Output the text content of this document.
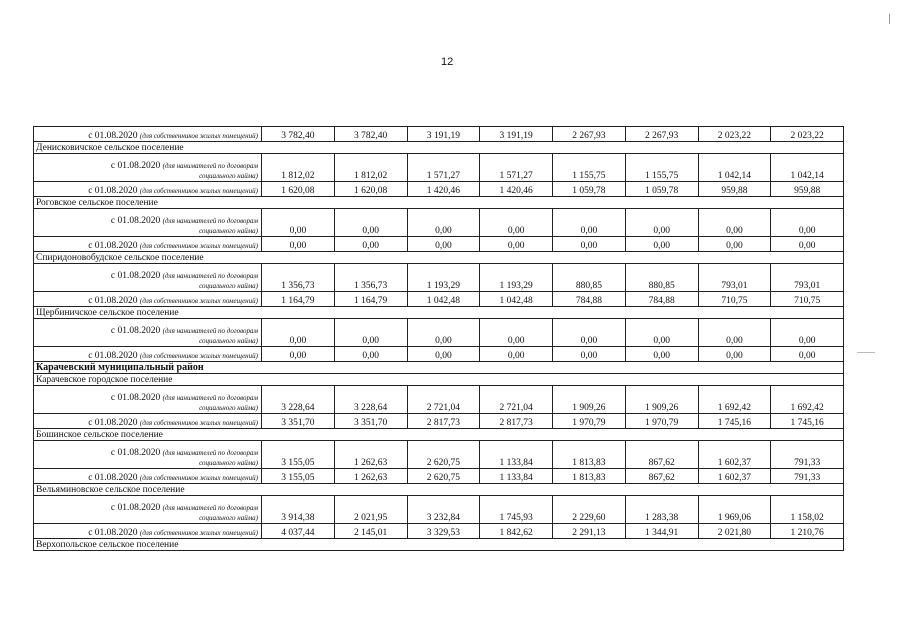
12
с 01.08.2020 (для собственников жилых помещений)	3 782,40	3 782,40	3 191,19	3 191,19	2 267,93	2 267,93	2 023,22	2 023,22
Денисковичское сельское поселение								
с 01.08.2020 (для нанимателей по договорам
социального найма)	1 812,02	1 812,02	1 571,27	1 571,27	1 155,75	1 155,75	1 042,14	1 042,14
с 01.08.2020 (для собственников жилых помещений)	1 620,08	1 620,08	1 420,46	1 420,46	1 059,78	1 059,78	959,88	959,88
Роговское сельское поселение								
с 01.08.2020 (для нанимателей по договорам
социального найма)	0,00	0,00	0,00	0,00	0,00	0,00	0,00	0,00
с 01.08.2020 (для собственников жилых помещений)	0,00	0,00	0,00	0,00	0,00	0,00	0,00	0,00
Спиридоновобудское сельское поселение								
с 01.08.2020 (для нанимателей по договорам
социального найма)	1 356,73	1 356,73	1 193,29	1 193,29	880,85	880,85	793,01	793,01
с 01.08.2020 (для собственников жилых помещений)	1 164,79	1 164,79	1 042,48	1 042,48	784,88	784,88	710,75	710,75
Щербиничское сельское поселение								
с 01.08.2020 (для нанимателей по договорам
социального найма)	0,00	0,00	0,00	0,00	0,00	0,00	0,00	0,00
с 01.08.2020 (для собственников жилых помещений)	0,00	0,00	0,00	0,00	0,00	0,00	0,00	0,00
Карачевский муниципальный район								
Карачевское городское поселение								
с 01.08.2020 (для нанимателей по договорам
социального найма)	3 228,64	3 228,64	2 721,04	2 721,04	1 909,26	1 909,26	1 692,42	1 692,42
с 01.08.2020 (для собственников жилых помещений)	3 351,70	3 351,70	2 817,73	2 817,73	1 970,79	1 970,79	1 745,16	1 745,16
Бошинское сельское поселение								
с 01.08.2020 (для нанимателей по договорам
социального найма)	3 155,05	1 262,63	2 620,75	1 133,84	1 813,83	867,62	1 602,37	791,33
с 01.08.2020 (для собственников жилых помещений)	3 155,05	1 262,63	2 620,75	1 133,84	1 813,83	867,62	1 602,37	791,33
Вельяминовское сельское поселение								
с 01.08.2020 (для нанимателей по договорам
социального найма)	3 914,38	2 021,95	3 232,84	1 745,93	2 229,60	1 283,38	1 969,06	1 158,02
с 01.08.2020 (для собственников жилых помещений)	4 037,44	2 145,01	3 329,53	1 842,62	2 291,13	1 344,91	2 021,80	1 210,76
Верхопольское сельское поселение								
